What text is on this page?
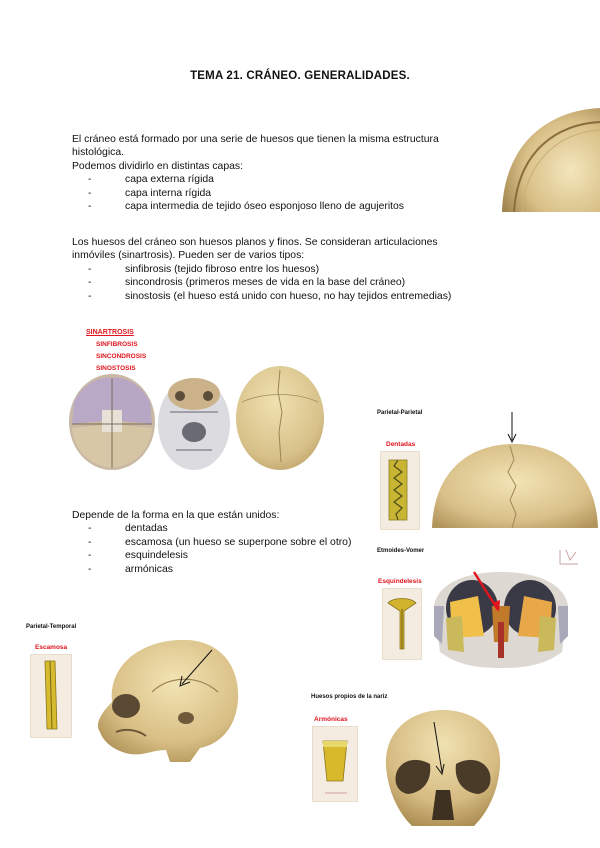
TEMA 21. CRÁNEO. GENERALIDADES.

El cráneo está formado por una serie de huesos que tienen la misma estructura histológica.

Podemos dividirlo en distintas capas:

- capa externa rígida
- capa interna rígida
- capa intermedia de tejido óseo esponjoso lleno de agujeritos

Los huesos del cráneo son huesos planos y finos. Se consideran articulaciones inmóviles (sinartrosis). Pueden ser de varios tipos:

- sinfibrosis (tejido fibroso entre los huesos)
- sincondrosis (primeros meses de vida en la base del cráneo)
- sinostosis (el hueso está unido con hueso, no hay tejidos entremedias)
SINARTROSIS
SINFIBROSIS
SINCONDROSIS
SINOSTOSIS
Parietal-Parietal
Dentadas

Depende de la forma en la que están unidos:

- dentadas
- escamosa (un hueso se superpone sobre el otro)
- esquindelesis
- armónicas
Etmoides-Vomer
Esquindelesis
Parietal-Temporal
Escamosa
Huesos propios de la nariz
Armónicas
